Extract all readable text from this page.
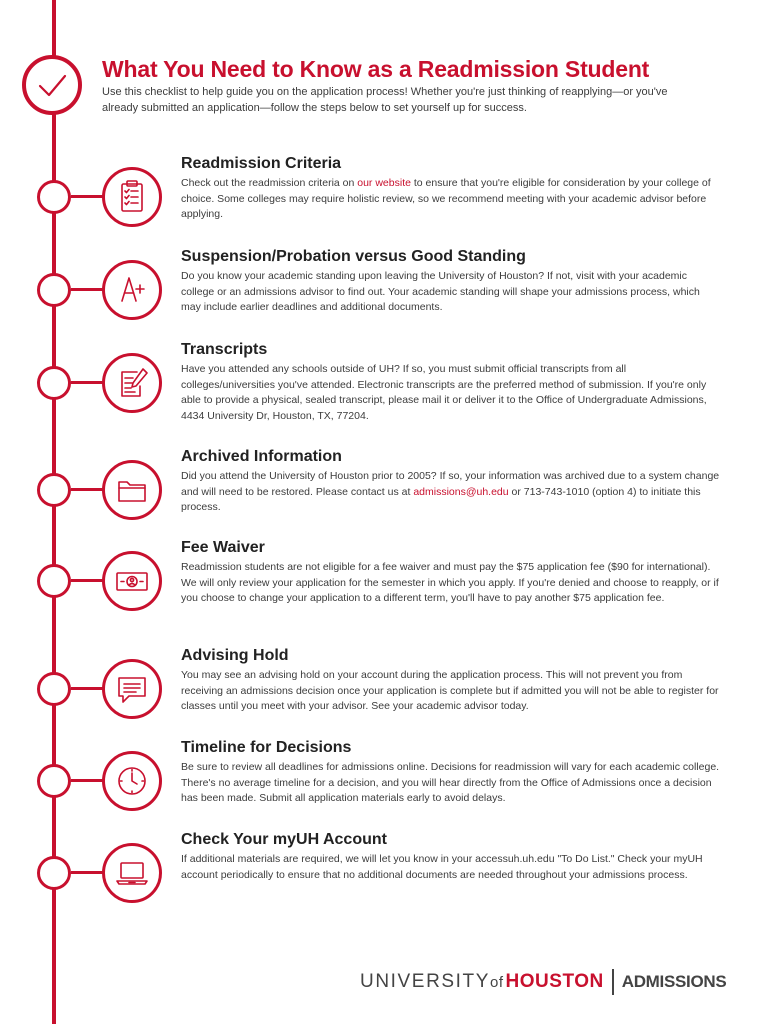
What You Need to Know as a Readmission Student

Use this checklist to help guide you on the application process! Whether you're just thinking of reapplying—or you've already submitted an application—follow the steps below to set yourself up for success.

Readmission Criteria

Check out the readmission criteria on our website to ensure that you're eligible for consideration by your college of choice. Some colleges may require holistic review, so we recommend meeting with your academic advisor before applying.

Suspension/Probation versus Good Standing

Do you know your academic standing upon leaving the University of Houston? If not, visit with your academic college or an admissions advisor to find out. Your academic standing will shape your admissions process, which may include earlier deadlines and additional documents.

Transcripts

Have you attended any schools outside of UH? If so, you must submit official transcripts from all colleges/universities you've attended. Electronic transcripts are the preferred method of submission. If you're only able to provide a physical, sealed transcript, please mail it or deliver it to the Office of Undergraduate Admissions, 4434 University Dr, Houston, TX, 77204.

Archived Information

Did you attend the University of Houston prior to 2005? If so, your information was archived due to a system change and will need to be restored. Please contact us at admissions@uh.edu or 713-743-1010 (option 4) to initiate this process.

Fee Waiver

Readmission students are not eligible for a fee waiver and must pay the $75 application fee ($90 for international). We will only review your application for the semester in which you apply. If you're denied and choose to reapply, or if you choose to change your application to a different term, you'll have to pay another $75 application fee.

Advising Hold

You may see an advising hold on your account during the application process. This will not prevent you from receiving an admissions decision once your application is complete but if admitted you will not be able to register for classes until you meet with your advisor. See your academic advisor today.

Timeline for Decisions

Be sure to review all deadlines for admissions online. Decisions for readmission will vary for each academic college. There's no average timeline for a decision, and you will hear directly from the Office of Admissions once a decision has been made. Submit all application materials early to avoid delays.

Check Your myUH Account

If additional materials are required, we will let you know in your accessuh.uh.edu "To Do List." Check your myUH account periodically to ensure that no additional documents are needed throughout your admissions process.

UNIVERSITY of HOUSTON ADMISSIONS
